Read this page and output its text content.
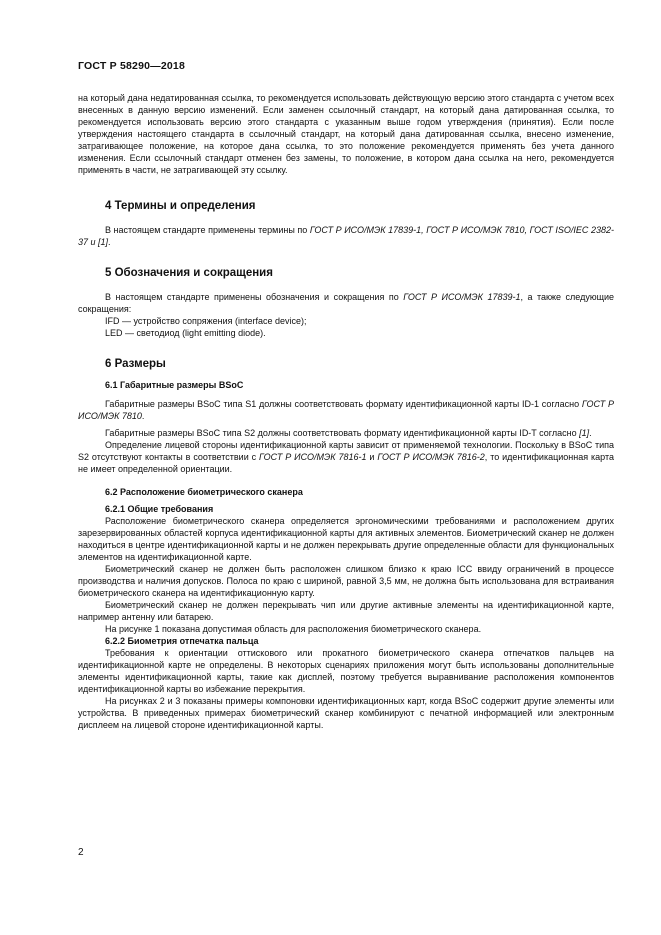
ГОСТ Р 58290—2018

на который дана недатированная ссылка, то рекомендуется использовать действующую версию этого стандарта с учетом всех внесенных в данную версию изменений. Если заменен ссылочный стандарт, на который дана датированная ссылка, то рекомендуется использовать версию этого стандарта с указанным выше годом утверждения (принятия). Если после утверждения настоящего стандарта в ссылочный стандарт, на который дана датированная ссылка, внесено изменение, затрагивающее положение, на которое дана ссылка, то это положение рекомендуется применять без учета данного изменения. Если ссылочный стандарт отменен без замены, то положение, в котором дана ссылка на него, рекомендуется применять в части, не затрагивающей эту ссылку.

4 Термины и определения

В настоящем стандарте применены термины по ГОСТ Р ИСО/МЭК 17839-1, ГОСТ Р ИСО/МЭК 7810, ГОСТ ISO/IEC 2382-37 и [1].

5 Обозначения и сокращения

В настоящем стандарте применены обозначения и сокращения по ГОСТ Р ИСО/МЭК 17839-1, а также следующие сокращения:

IFD — устройство сопряжения (interface device);

LED — светодиод (light emitting diode).

6 Размеры

6.1 Габаритные размеры BSoC

Габаритные размеры BSoC типа S1 должны соответствовать формату идентификационной карты ID-1 согласно ГОСТ Р ИСО/МЭК 7810.

Габаритные размеры BSoC типа S2 должны соответствовать формату идентификационной карты ID-T согласно [1].

Определение лицевой стороны идентификационной карты зависит от применяемой технологии. Поскольку в BSoC типа S2 отсутствуют контакты в соответствии с ГОСТ Р ИСО/МЭК 7816-1 и ГОСТ Р ИСО/МЭК 7816-2, то идентификационная карта не имеет определенной ориентации.

6.2 Расположение биометрического сканера

6.2.1 Общие требования

Расположение биометрического сканера определяется эргономическими требованиями и расположением других зарезервированных областей корпуса идентификационной карты для активных элементов. Биометрический сканер не должен находиться в центре идентификационной карты и не должен перекрывать другие определенные области для функциональных элементов на идентификационной карте.

Биометрический сканер не должен быть расположен слишком близко к краю ICC ввиду ограничений в процессе производства и наличия допусков. Полоса по краю с шириной, равной 3,5 мм, не должна быть использована для встраивания биометрического сканера на идентификационную карту.

Биометрический сканер не должен перекрывать чип или другие активные элементы на идентификационной карте, например антенну или батарею.

На рисунке 1 показана допустимая область для расположения биометрического сканера.

6.2.2 Биометрия отпечатка пальца

Требования к ориентации оттискового или прокатного биометрического сканера отпечатков пальцев на идентификационной карте не определены. В некоторых сценариях приложения могут быть использованы дополнительные элементы идентификационной карты, такие как дисплей, поэтому требуется выравнивание расположения компонентов идентификационной карты во избежание перекрытия.

На рисунках 2 и 3 показаны примеры компоновки идентификационных карт, когда BSoC содержит другие элементы или устройства. В приведенных примерах биометрический сканер комбинируют с печатной информацией или электронным дисплеем на лицевой стороне идентификационной карты.

2
